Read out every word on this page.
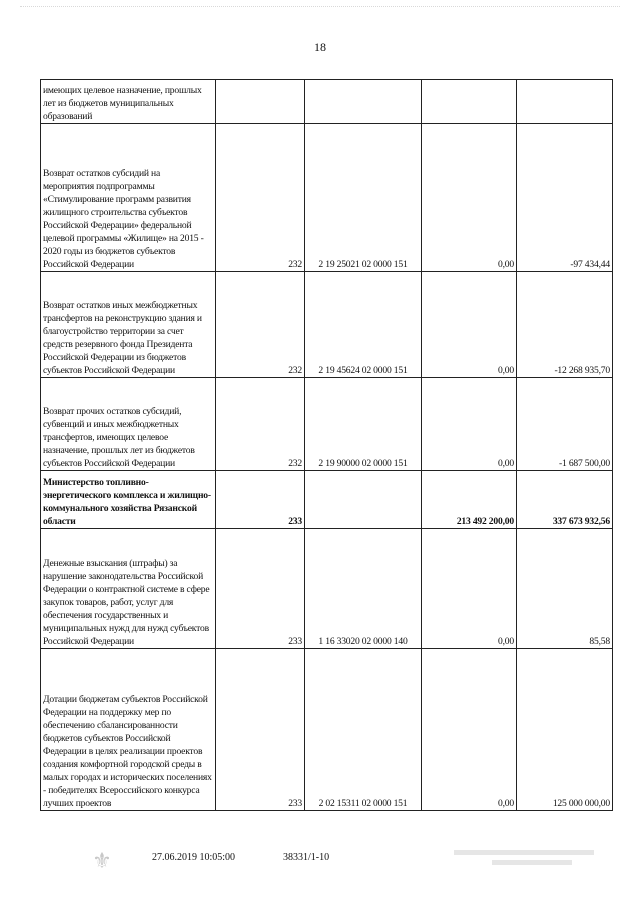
18
имеющих целевое назначение, прошлых лет из бюджетов муниципальных образований				
Возврат остатков субсидий на мероприятия подпрограммы «Стимулирование программ развития жилищного строительства субъектов Российской Федерации» федеральной целевой программы «Жилище» на 2015 - 2020 годы из бюджетов субъектов Российской Федерации	232	2 19 25021 02 0000 151	0,00	-97 434,44
Возврат остатков иных межбюджетных трансфертов на реконструкцию здания и благоустройство территории за счет средств резервного фонда Президента Российской Федерации из бюджетов субъектов Российской Федерации	232	2 19 45624 02 0000 151	0,00	-12 268 935,70
Возврат прочих остатков субсидий, субвенций и иных межбюджетных трансфертов, имеющих целевое назначение, прошлых лет из бюджетов субъектов Российской Федерации	232	2 19 90000 02 0000 151	0,00	-1 687 500,00
Министерство топливно-энергетического комплекса и жилищно-коммунального хозяйства Рязанской области	233		213 492 200,00	337 673 932,56
Денежные взыскания (штрафы) за нарушение законодательства Российской Федерации о контрактной системе в сфере закупок товаров, работ, услуг для обеспечения государственных и муниципальных нужд для нужд субъектов Российской Федерации	233	1 16 33020 02 0000 140	0,00	85,58
Дотации бюджетам субъектов Российской Федерации на поддержку мер по обеспечению сбалансированности бюджетов субъектов Российской Федерации в целях реализации проектов создания комфортной городской среды в малых городах и исторических поселениях - победителях Всероссийского конкурса лучших проектов	233	2 02 15311 02 0000 151	0,00	125 000 000,00
⚜	27.06.2019 10:05:00	38331/1-10
